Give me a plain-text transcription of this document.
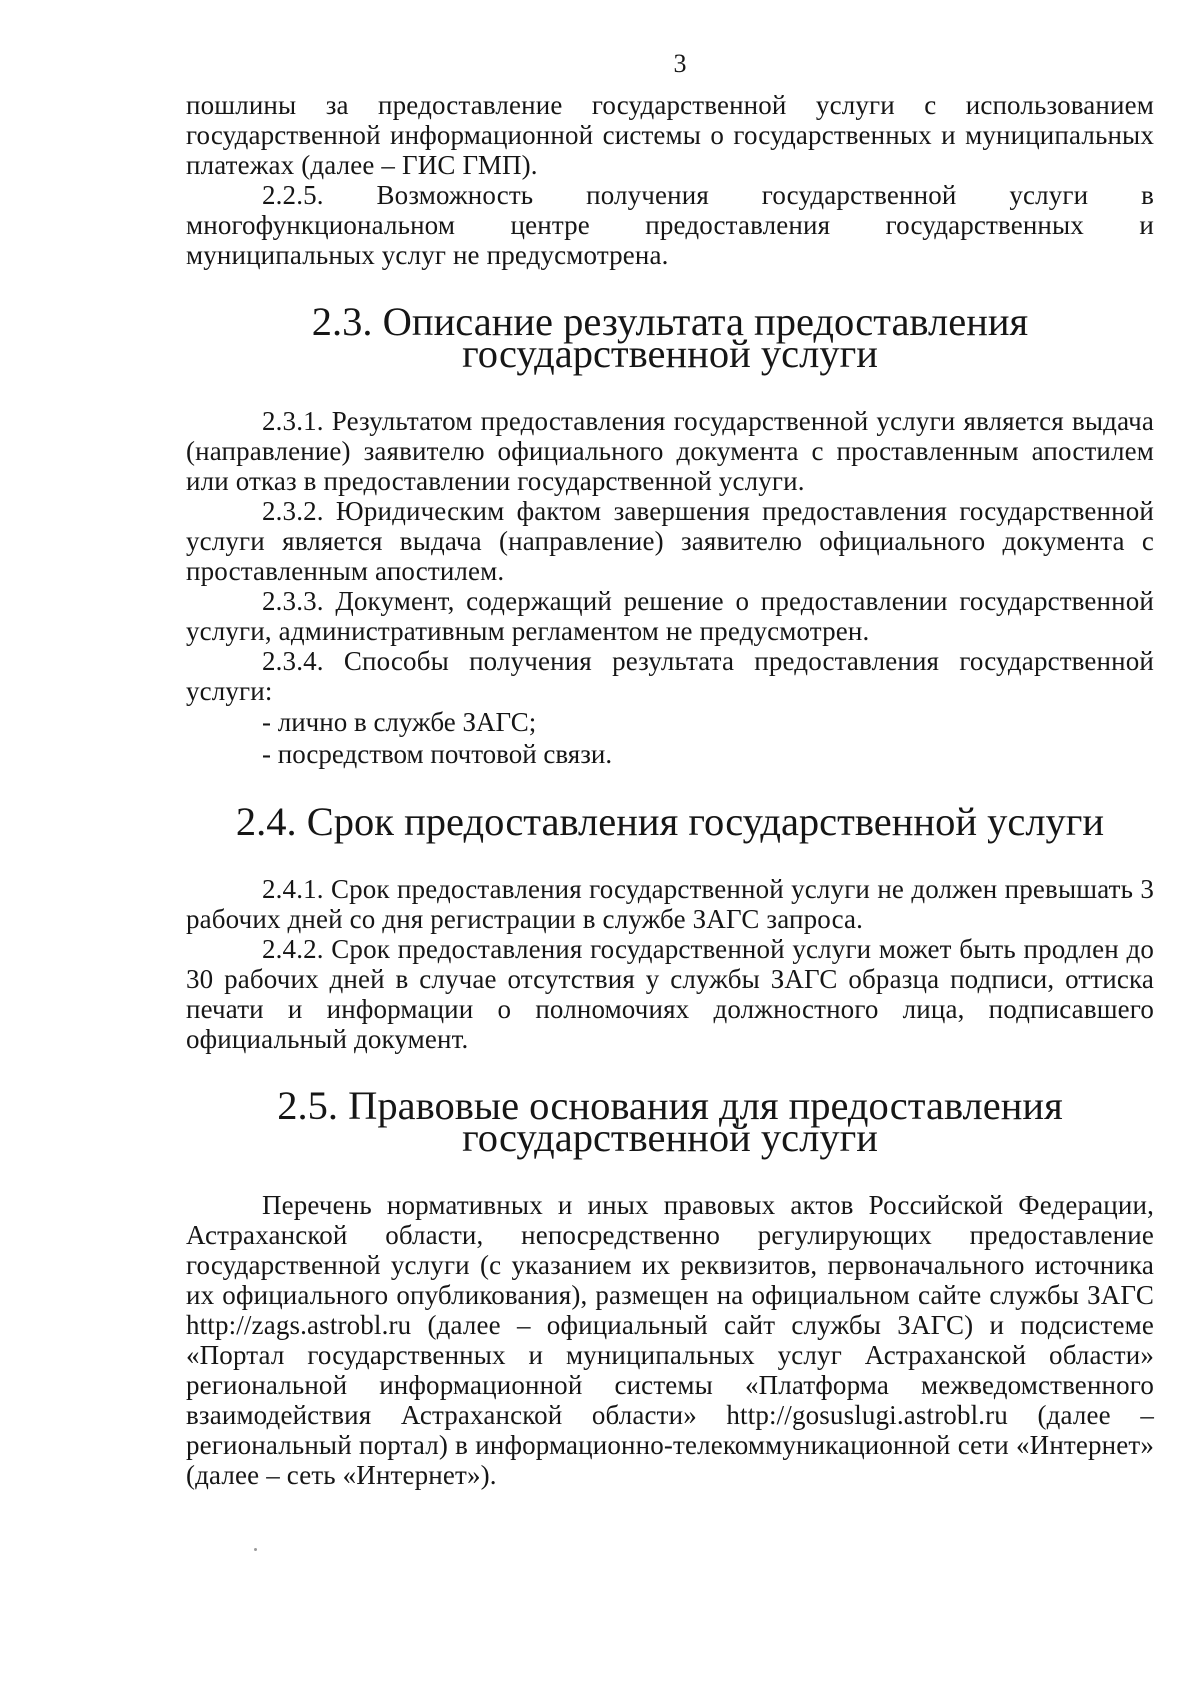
3

пошлины за предоставление государственной услуги с использованием государственной информационной системы о государственных и муниципальных платежах (далее – ГИС ГМП).

2.2.5. Возможность получения государственной услуги в многофункциональном центре предоставления государственных и муниципальных услуг не предусмотрена.

2.3. Описание результата предоставления государственной услуги

2.3.1. Результатом предоставления государственной услуги является выдача (направление) заявителю официального документа с проставленным апостилем или отказ в предоставлении государственной услуги.

2.3.2. Юридическим фактом завершения предоставления государственной услуги является выдача (направление) заявителю официального документа с проставленным апостилем.

2.3.3. Документ, содержащий решение о предоставлении государственной услуги, административным регламентом не предусмотрен.

2.3.4. Способы получения результата предоставления государственной услуги:

- лично в службе ЗАГС;

- посредством почтовой связи.

2.4. Срок предоставления государственной услуги

2.4.1. Срок предоставления государственной услуги не должен превышать 3 рабочих дней со дня регистрации в службе ЗАГС запроса.

2.4.2. Срок предоставления государственной услуги может быть продлен до 30 рабочих дней в случае отсутствия у службы ЗАГС образца подписи, оттиска печати и информации о полномочиях должностного лица, подписавшего официальный документ.

2.5. Правовые основания для предоставления государственной услуги

Перечень нормативных и иных правовых актов Российской Федерации, Астраханской области, непосредственно регулирующих предоставление государственной услуги (с указанием их реквизитов, первоначального источника их официального опубликования), размещен на официальном сайте службы ЗАГС http://zags.astrobl.ru (далее – официальный сайт службы ЗАГС) и подсистеме «Портал государственных и муниципальных услуг Астраханской области» региональной информационной системы «Платформа межведомственного взаимодействия Астраханской области» http://gosuslugi.astrobl.ru (далее – региональный портал) в информационно-телекоммуникационной сети «Интернет» (далее – сеть «Интернет»).
